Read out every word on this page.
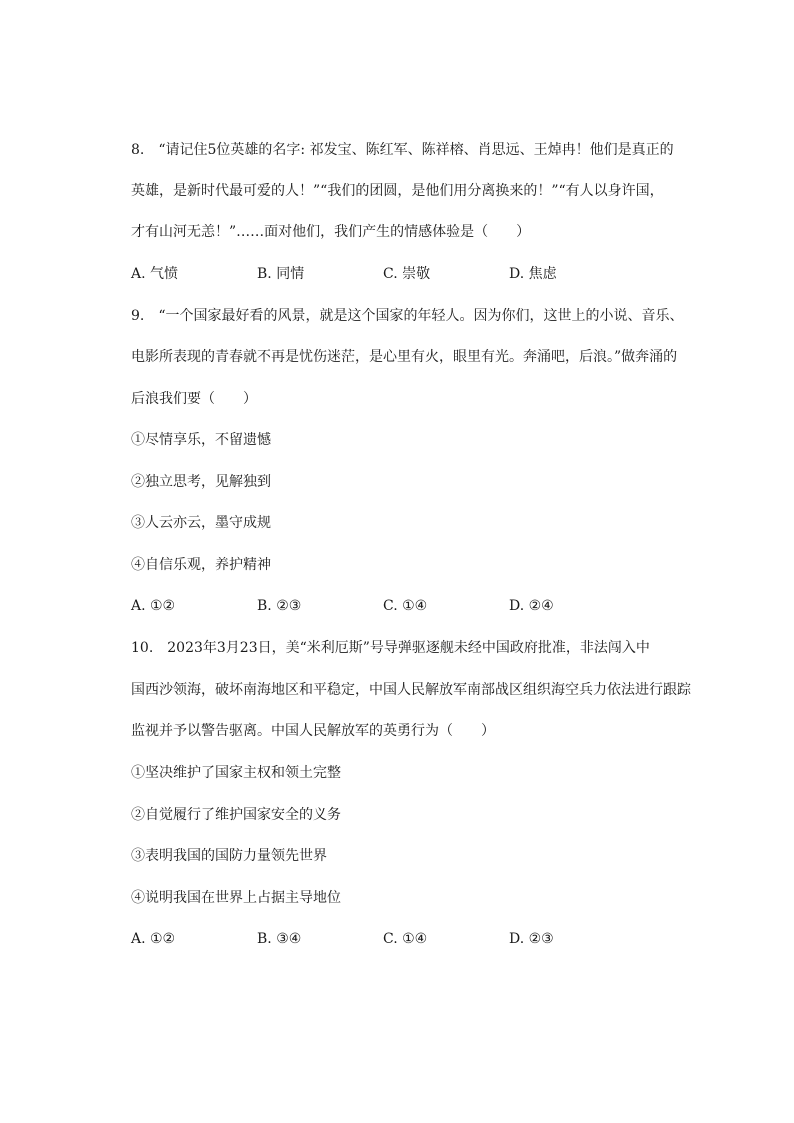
8.　“请记住5位英雄的名字: 祁发宝、陈红军、陈祥榕、肖思远、王焯冉！他们是真正的
英雄，是新时代最可爱的人！”“我们的团圆，是他们用分离换来的！”“有人以身许国，
才有山河无恙！”……面对他们，我们产生的情感体验是（　　）
A. 气愤	B. 同情	C. 崇敬	D. 焦虑
9.　“一个国家最好看的风景，就是这个国家的年轻人。因为你们，这世上的小说、音乐、
电影所表现的青春就不再是忧伤迷茫，是心里有火，眼里有光。奔涌吧，后浪。”做奔涌的
后浪我们要（　　）
①尽情享乐，不留遗憾
②独立思考，见解独到
③人云亦云，墨守成规
④自信乐观，养护精神
A. ①②	B. ②③	C. ①④	D. ②④
10.　2023年3月23日，美“米利厄斯”号导弹驱逐舰未经中国政府批准，非法闯入中
国西沙领海，破坏南海地区和平稳定，中国人民解放军南部战区组织海空兵力依法进行跟踪
监视并予以警告驱离。中国人民解放军的英勇行为（　　）
①坚决维护了国家主权和领土完整
②自觉履行了维护国家安全的义务
③表明我国的国防力量领先世界
④说明我国在世界上占据主导地位
A. ①②	B. ③④	C. ①④	D. ②③
